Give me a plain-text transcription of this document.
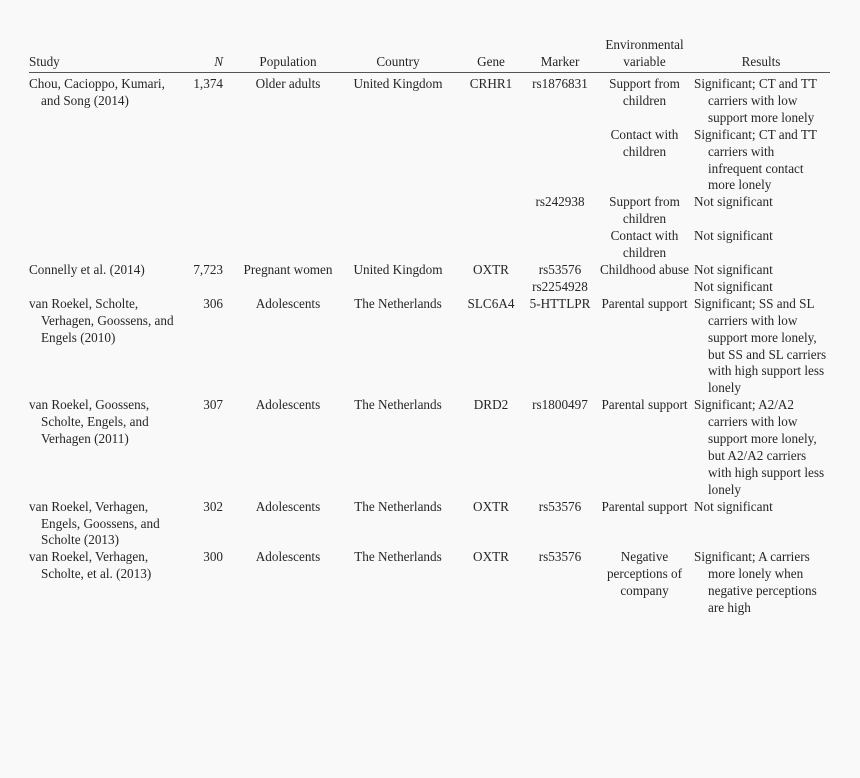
Study	N	Population	Country	Gene	Marker	Environmental variable	Results
Chou, Cacioppo, Kumari, and Song (2014)	1,374	Older adults	United Kingdom	CRHR1	rs1876831	Support from children	Significant; CT and TT carriers with low support more lonely
						Contact with children	Significant; CT and TT carriers with infrequent contact more lonely
					rs242938	Support from children	Not significant
						Contact with children	Not significant
Connelly et al. (2014)	7,723	Pregnant women	United Kingdom	OXTR	rs53576	Childhood abuse	Not significant
					rs2254928		Not significant
van Roekel, Scholte, Verhagen, Goossens, and Engels (2010)	306	Adolescents	The Netherlands	SLC6A4	5-HTTLPR	Parental support	Significant; SS and SL carriers with low support more lonely, but SS and SL carriers with high support less lonely
van Roekel, Goossens, Scholte, Engels, and Verhagen (2011)	307	Adolescents	The Netherlands	DRD2	rs1800497	Parental support	Significant; A2/A2 carriers with low support more lonely, but A2/A2 carriers with high support less lonely
van Roekel, Verhagen, Engels, Goossens, and Scholte (2013)	302	Adolescents	The Netherlands	OXTR	rs53576	Parental support	Not significant
van Roekel, Verhagen, Scholte, et al. (2013)	300	Adolescents	The Netherlands	OXTR	rs53576	Negative perceptions of company	Significant; A carriers more lonely when negative perceptions are high
